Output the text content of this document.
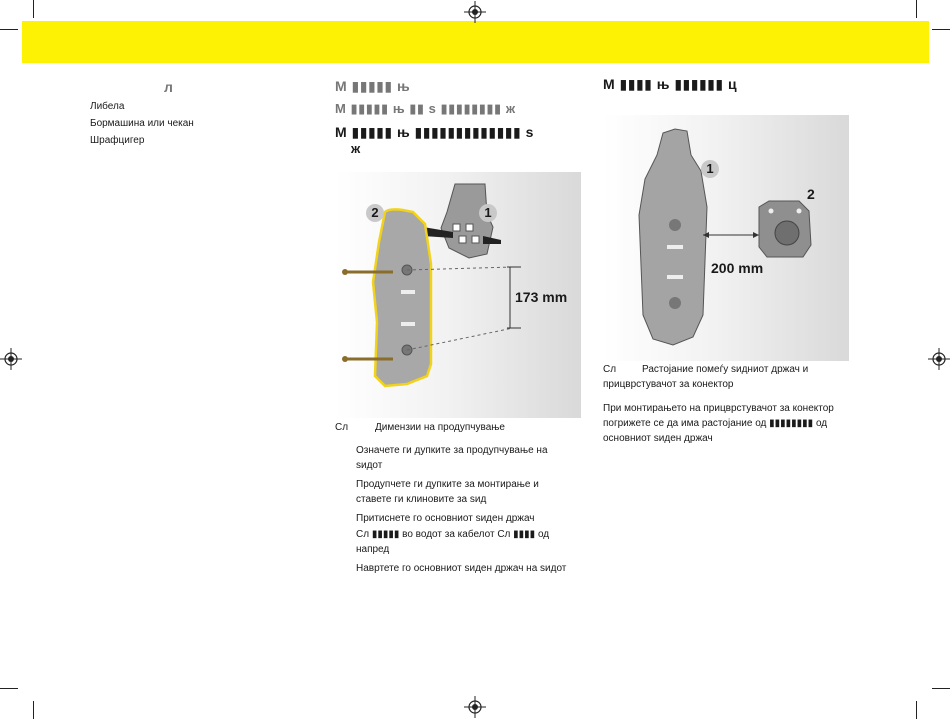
л
Либела
Бормашина или чекан
Шрафцигер
М ▮▮▮▮▮ њ
М ▮▮▮▮▮ њ ▮▮ s ▮▮▮▮▮▮▮▮ ж
М ▮▮▮▮▮ њ ▮▮▮▮▮▮▮▮▮▮▮▮▮ s
ж
1
2
173 mm
Сл	Димензии на продупчување
Означете ги дупките за продупчување на
ѕидот
Продупчете ги дупките за монтирање и
ставете ги клиновите за ѕид
Притиснете го основниот ѕиден држач
Сл ▮▮▮▮▮ во водот за кабелот Сл ▮▮▮▮ од
напред
Навртете го основниот ѕиден држач на ѕидот
М ▮▮▮▮ њ ▮▮▮▮▮▮ ц
1
2
200 mm
Сл	Растојание помеѓу ѕидниот држач и
прицврстувачот за конектор
При монтирањето на прицврстувачот за конектор
погрижете се да има растојание од ▮▮▮▮▮▮▮▮ од
основниот ѕиден држач
